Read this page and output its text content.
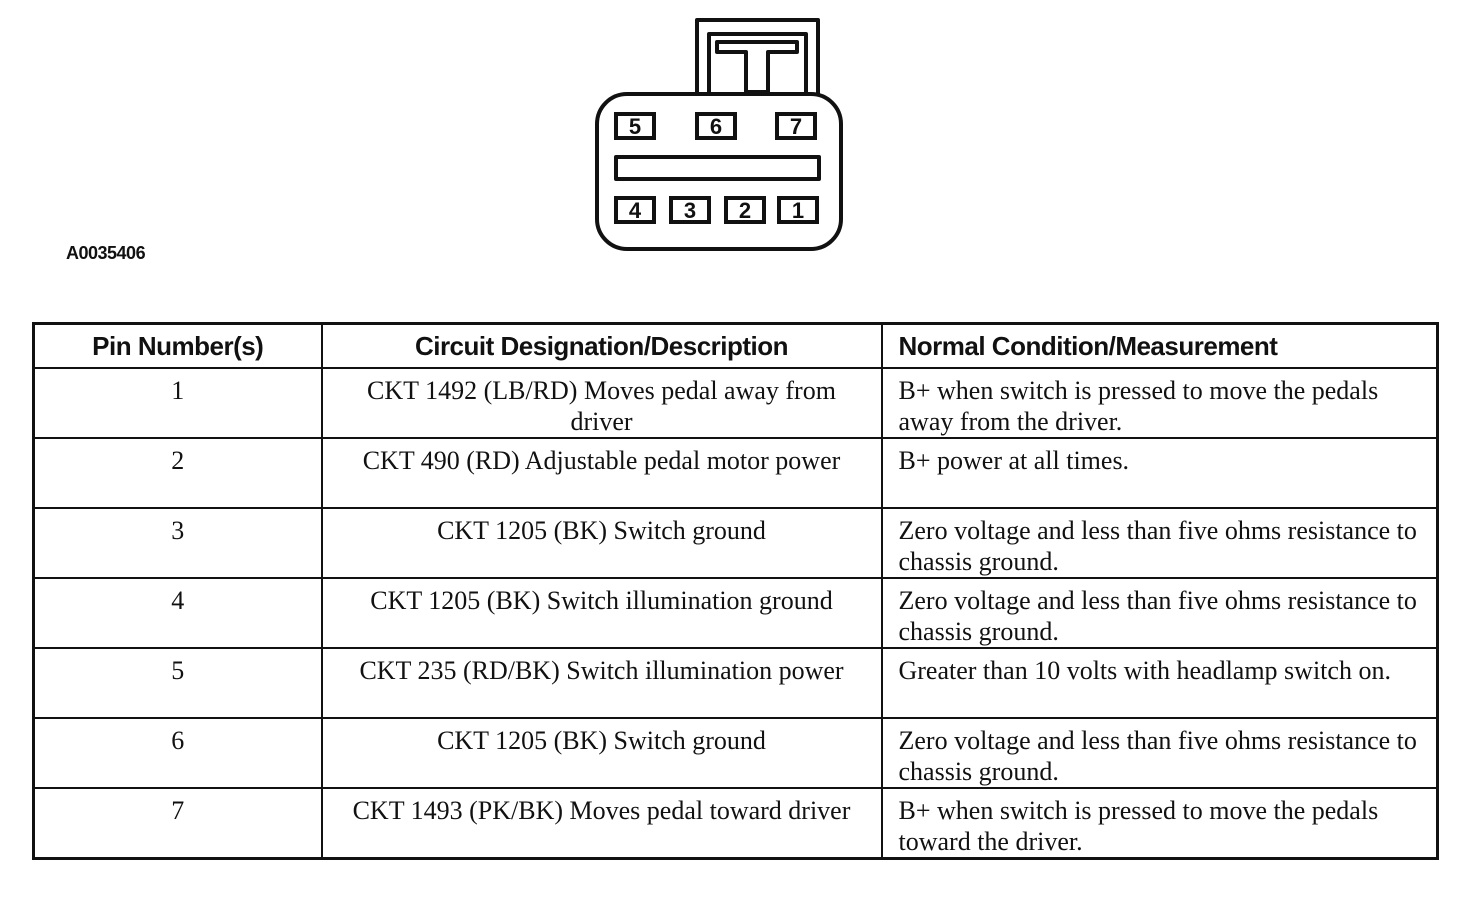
5	6	7
4 3 2 1
A0035406
Pin Number(s)	Circuit Designation/Description	Normal Condition/Measurement
1	CKT 1492 (LB/RD) Moves pedal away from driver	B+ when switch is pressed to move the pedals away from the driver.
2	CKT 490 (RD) Adjustable pedal motor power	B+ power at all times.
3	CKT 1205 (BK) Switch ground	Zero voltage and less than five ohms resistance to chassis ground.
4	CKT 1205 (BK) Switch illumination ground	Zero voltage and less than five ohms resistance to chassis ground.
5	CKT 235 (RD/BK) Switch illumination power	Greater than 10 volts with headlamp switch on.
6	CKT 1205 (BK) Switch ground	Zero voltage and less than five ohms resistance to chassis ground.
7	CKT 1493 (PK/BK) Moves pedal toward driver	B+ when switch is pressed to move the pedals toward the driver.
